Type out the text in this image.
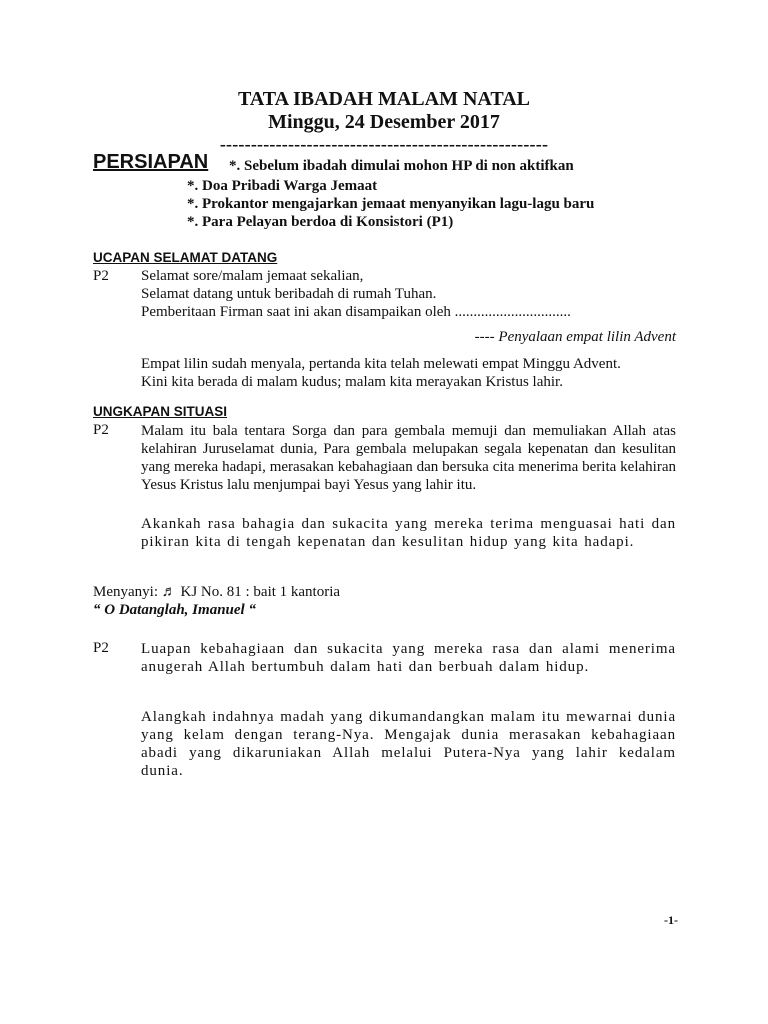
TATA IBADAH MALAM NATAL
Minggu, 24 Desember 2017
-----------------------------------------------------
PERSIAPAN *. Sebelum ibadah dimulai mohon HP di non aktifkan
*. Doa Pribadi Warga Jemaat
*. Prokantor mengajarkan jemaat menyanyikan lagu-lagu baru
*. Para Pelayan berdoa di Konsistori (P1)
UCAPAN SELAMAT DATANG
P2 Selamat sore/malam jemaat sekalian,
Selamat datang untuk beribadah di rumah Tuhan.
Pemberitaan Firman saat ini akan disampaikan oleh ...............................
---- Penyalaan empat lilin Advent
Empat lilin sudah menyala, pertanda kita telah melewati empat Minggu Advent.
Kini kita berada di malam kudus; malam kita merayakan Kristus lahir.
UNGKAPAN SITUASI
P2 Malam itu bala tentara Sorga dan para gembala memuji dan memuliakan Allah atas kelahiran Juruselamat dunia, Para gembala melupakan segala kepenatan dan kesulitan yang mereka hadapi, merasakan kebahagiaan dan bersuka cita menerima berita kelahiran Yesus Kristus lalu menjumpai bayi Yesus yang lahir itu.
Akankah rasa bahagia dan sukacita yang mereka terima menguasai hati dan pikiran kita di tengah kepenatan dan kesulitan hidup yang kita hadapi.
Menyanyi: ♬ KJ No. 81 : bait 1 kantoria
“ O Datanglah, Imanuel “
P2 Luapan kebahagiaan dan sukacita yang mereka rasa dan alami menerima anugerah Allah bertumbuh dalam hati dan berbuah dalam hidup.
Alangkah indahnya madah yang dikumandangkan malam itu mewarnai dunia yang kelam dengan terang-Nya. Mengajak dunia merasakan kebahagiaan abadi yang dikaruniakan Allah melalui Putera-Nya yang lahir kedalam dunia.
-1-
